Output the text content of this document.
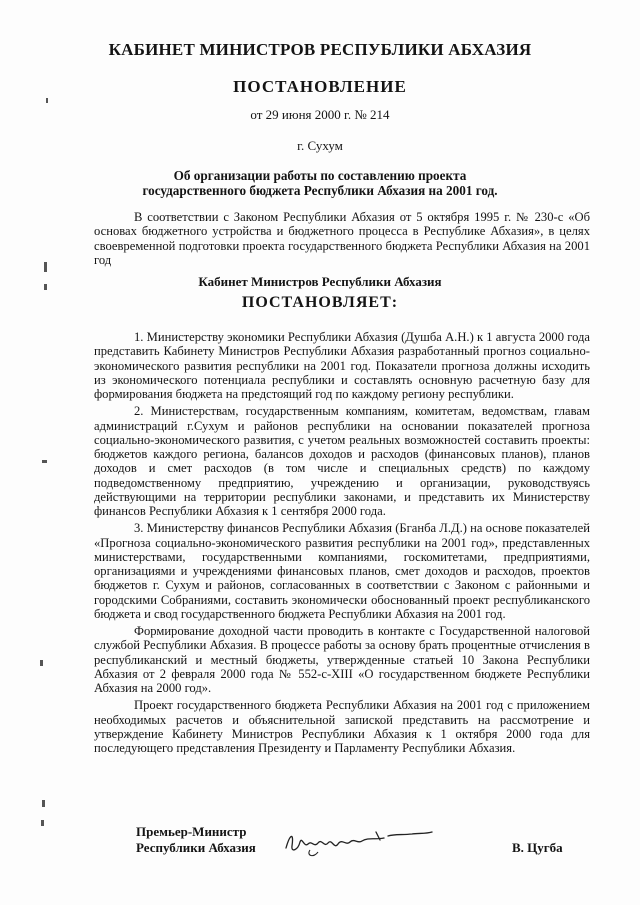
КАБИНЕТ МИНИСТРОВ РЕСПУБЛИКИ АБХАЗИЯ
ПОСТАНОВЛЕНИЕ
от 29 июня 2000 г. № 214
г. Сухум
Об организации работы по составлению проекта
государственного бюджета Республики Абхазия на 2001 год.
В соответствии с Законом Республики Абхазия от 5 октября 1995 г. № 230-с «Об основах бюджетного устройства и бюджетного процесса в Республике Абхазия», в целях своевременной подготовки проекта государственного бюджета Республики Абхазия на 2001 год
Кабинет Министров Республики Абхазия
ПОСТАНОВЛЯЕТ:

1. Министерству экономики Республики Абхазия (Душба А.Н.) к 1 августа 2000 года представить Кабинету Министров Республики Абхазия разработанный прогноз социально-экономического развития республики на 2001 год. Показатели прогноза должны исходить из экономического потенциала республики и составлять основную расчетную базу для формирования бюджета на предстоящий год по каждому региону республики.

2. Министерствам, государственным компаниям, комитетам, ведомствам, главам администраций г.Сухум и районов республики на основании показателей прогноза социально-экономического развития, с учетом реальных возможностей составить проекты: бюджетов каждого региона, балансов доходов и расходов (финансовых планов), планов доходов и смет расходов (в том числе и специальных средств) по каждому подведомственному предприятию, учреждению и организации, руководствуясь действующими на территории республики законами, и представить их Министерству финансов Республики Абхазия к 1 сентября 2000 года.

3. Министерству финансов Республики Абхазия (Бганба Л.Д.) на основе показателей «Прогноза социально-экономического развития республики на 2001 год», представленных министерствами, государственными компаниями, госкомитетами, предприятиями, организациями и учреждениями финансовых планов, смет доходов и расходов, проектов бюджетов г. Сухум и районов, согласованных в соответствии с Законом с районными и городскими Собраниями, составить экономически обоснованный проект республиканского бюджета и свод государственного бюджета Республики Абхазия на 2001 год.

Формирование доходной части проводить в контакте с Государственной налоговой службой Республики Абхазия. В процессе работы за основу брать процентные отчисления в республиканский и местный бюджеты, утвержденные статьей 10 Закона Республики Абхазия от 2 февраля 2000 года № 552-с-XIII «О государственном бюджете Республики Абхазия на 2000 год».

Проект государственного бюджета Республики Абхазия на 2001 год с приложением необходимых расчетов и объяснительной запиской представить на рассмотрение и утверждение Кабинету Министров Республики Абхазия к 1 октября 2000 года для последующего представления Президенту и Парламенту Республики Абхазия.

Премьер-Министр
Республики Абхазия	В. Цугба
